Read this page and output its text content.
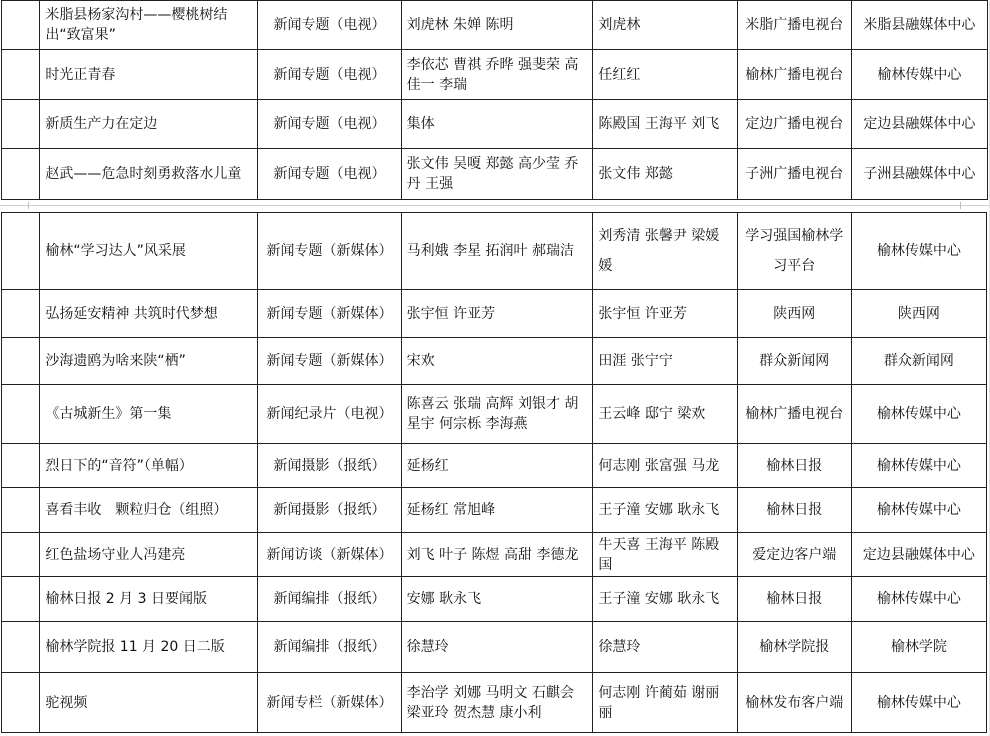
	米脂县杨家沟村——樱桃树结出“致富果”	新闻专题（电视）	刘虎林 朱婵 陈明	刘虎林	米脂广播电视台	米脂县融媒体中心
	时光正青春	新闻专题（电视）	李依芯 曹祺 乔晔 强斐荣 高佳一 李瑞	任红红	榆林广播电视台	榆林传媒中心
	新质生产力在定边	新闻专题（电视）	集体	陈殿国 王海平 刘飞	定边广播电视台	定边县融媒体中心
	赵武——危急时刻勇救落水儿童	新闻专题（电视）	张文伟 吴嗄 郑懿 高少莹 乔丹 王强	张文伟 郑懿	子洲广播电视台	子洲县融媒体中心
	榆林“学习达人”风采展	新闻专题（新媒体）	马利娥 李星 拓润叶 郝瑞洁	刘秀清 张馨尹 梁媛媛	学习强国榆林学习平台	榆林传媒中心
	弘扬延安精神 共筑时代梦想	新闻专题（新媒体）	张宇恒 许亚芳	张宇恒 许亚芳	陕西网	陕西网
	沙海遗鸥为啥来陕“栖”	新闻专题（新媒体）	宋欢	田涯 张宁宁	群众新闻网	群众新闻网
	《古城新生》第一集	新闻纪录片（电视）	陈喜云 张瑞 高辉 刘银才 胡星宇 何宗栎 李海燕	王云峰 邸宁 梁欢	榆林广播电视台	榆林传媒中心
	烈日下的“音符”（单幅）	新闻摄影（报纸）	延杨红	何志刚 张富强 马龙	榆林日报	榆林传媒中心
	喜看丰收　颗粒归仓（组照）	新闻摄影（报纸）	延杨红 常旭峰	王子潼 安娜 耿永飞	榆林日报	榆林传媒中心
	红色盐场守业人冯建亮	新闻访谈（新媒体）	刘飞 叶子 陈煜 高甜 李德龙	牛天喜 王海平 陈殿国	爱定边客户端	定边县融媒体中心
	榆林日报 2 月 3 日要闻版	新闻编排（报纸）	安娜 耿永飞	王子潼 安娜 耿永飞	榆林日报	榆林传媒中心
	榆林学院报 11 月 20 日二版	新闻编排（报纸）	徐慧玲	徐慧玲	榆林学院报	榆林学院
	驼视频	新闻专栏（新媒体）	李治学 刘娜 马明文 石麒会 梁亚玲 贺杰慧 康小利	何志刚 许蔺茹 谢丽丽	榆林发布客户端	榆林传媒中心
